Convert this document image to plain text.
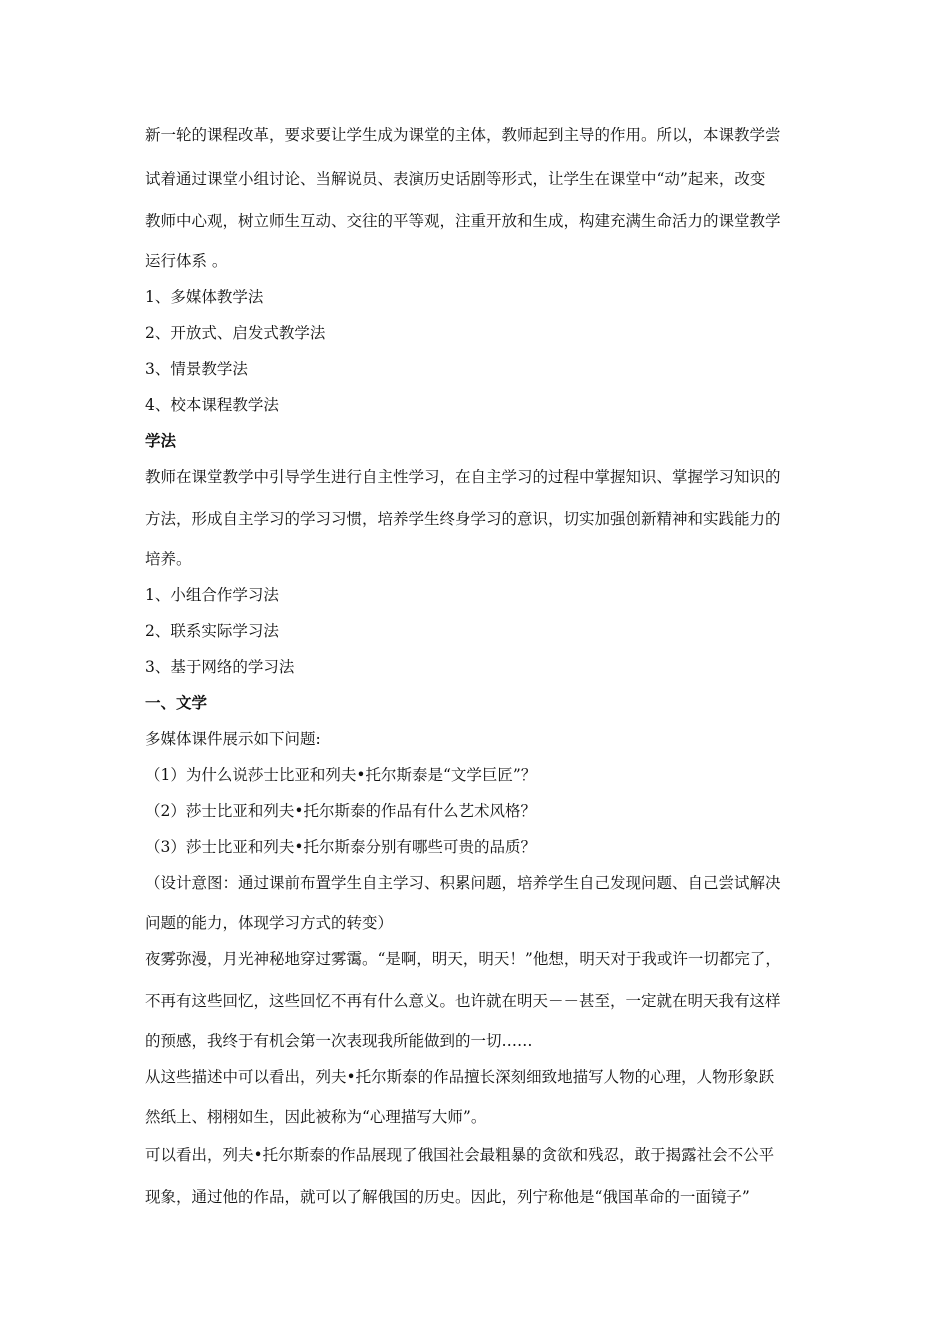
新一轮的课程改革，要求要让学生成为课堂的主体，教师起到主导的作用。所以，本课教学尝
试着通过课堂小组讨论、当解说员、表演历史话剧等形式，让学生在课堂中“动”起来，改变
教师中心观，树立师生互动、交往的平等观，注重开放和生成，构建充满生命活力的课堂教学
运行体系 。
1、多媒体教学法
2、开放式、启发式教学法
3、情景教学法
4、校本课程教学法
学法
教师在课堂教学中引导学生进行自主性学习，在自主学习的过程中掌握知识、掌握学习知识的
方法，形成自主学习的学习习惯，培养学生终身学习的意识，切实加强创新精神和实践能力的
培养。
1、小组合作学习法
2、联系实际学习法
3、基于网络的学习法
一、文学
多媒体课件展示如下问题:
（1）为什么说莎士比亚和列夫•托尔斯泰是“文学巨匠”？
（2）莎士比亚和列夫•托尔斯泰的作品有什么艺术风格？
（3）莎士比亚和列夫•托尔斯泰分别有哪些可贵的品质？
（设计意图：通过课前布置学生自主学习、积累问题，培养学生自己发现问题、自己尝试解决
问题的能力，体现学习方式的转变）
夜雾弥漫，月光神秘地穿过雾霭。“是啊，明天，明天！”他想，明天对于我或许一切都完了，
不再有这些回忆，这些回忆不再有什么意义。也许就在明天－－甚至，一定就在明天我有这样
的预感，我终于有机会第一次表现我所能做到的一切……
从这些描述中可以看出，列夫•托尔斯泰的作品擅长深刻细致地描写人物的心理，人物形象跃
然纸上、栩栩如生，因此被称为“心理描写大师”。
可以看出，列夫•托尔斯泰的作品展现了俄国社会最粗暴的贪欲和残忍，敢于揭露社会不公平
现象，通过他的作品，就可以了解俄国的历史。因此，列宁称他是“俄国革命的一面镜子”
